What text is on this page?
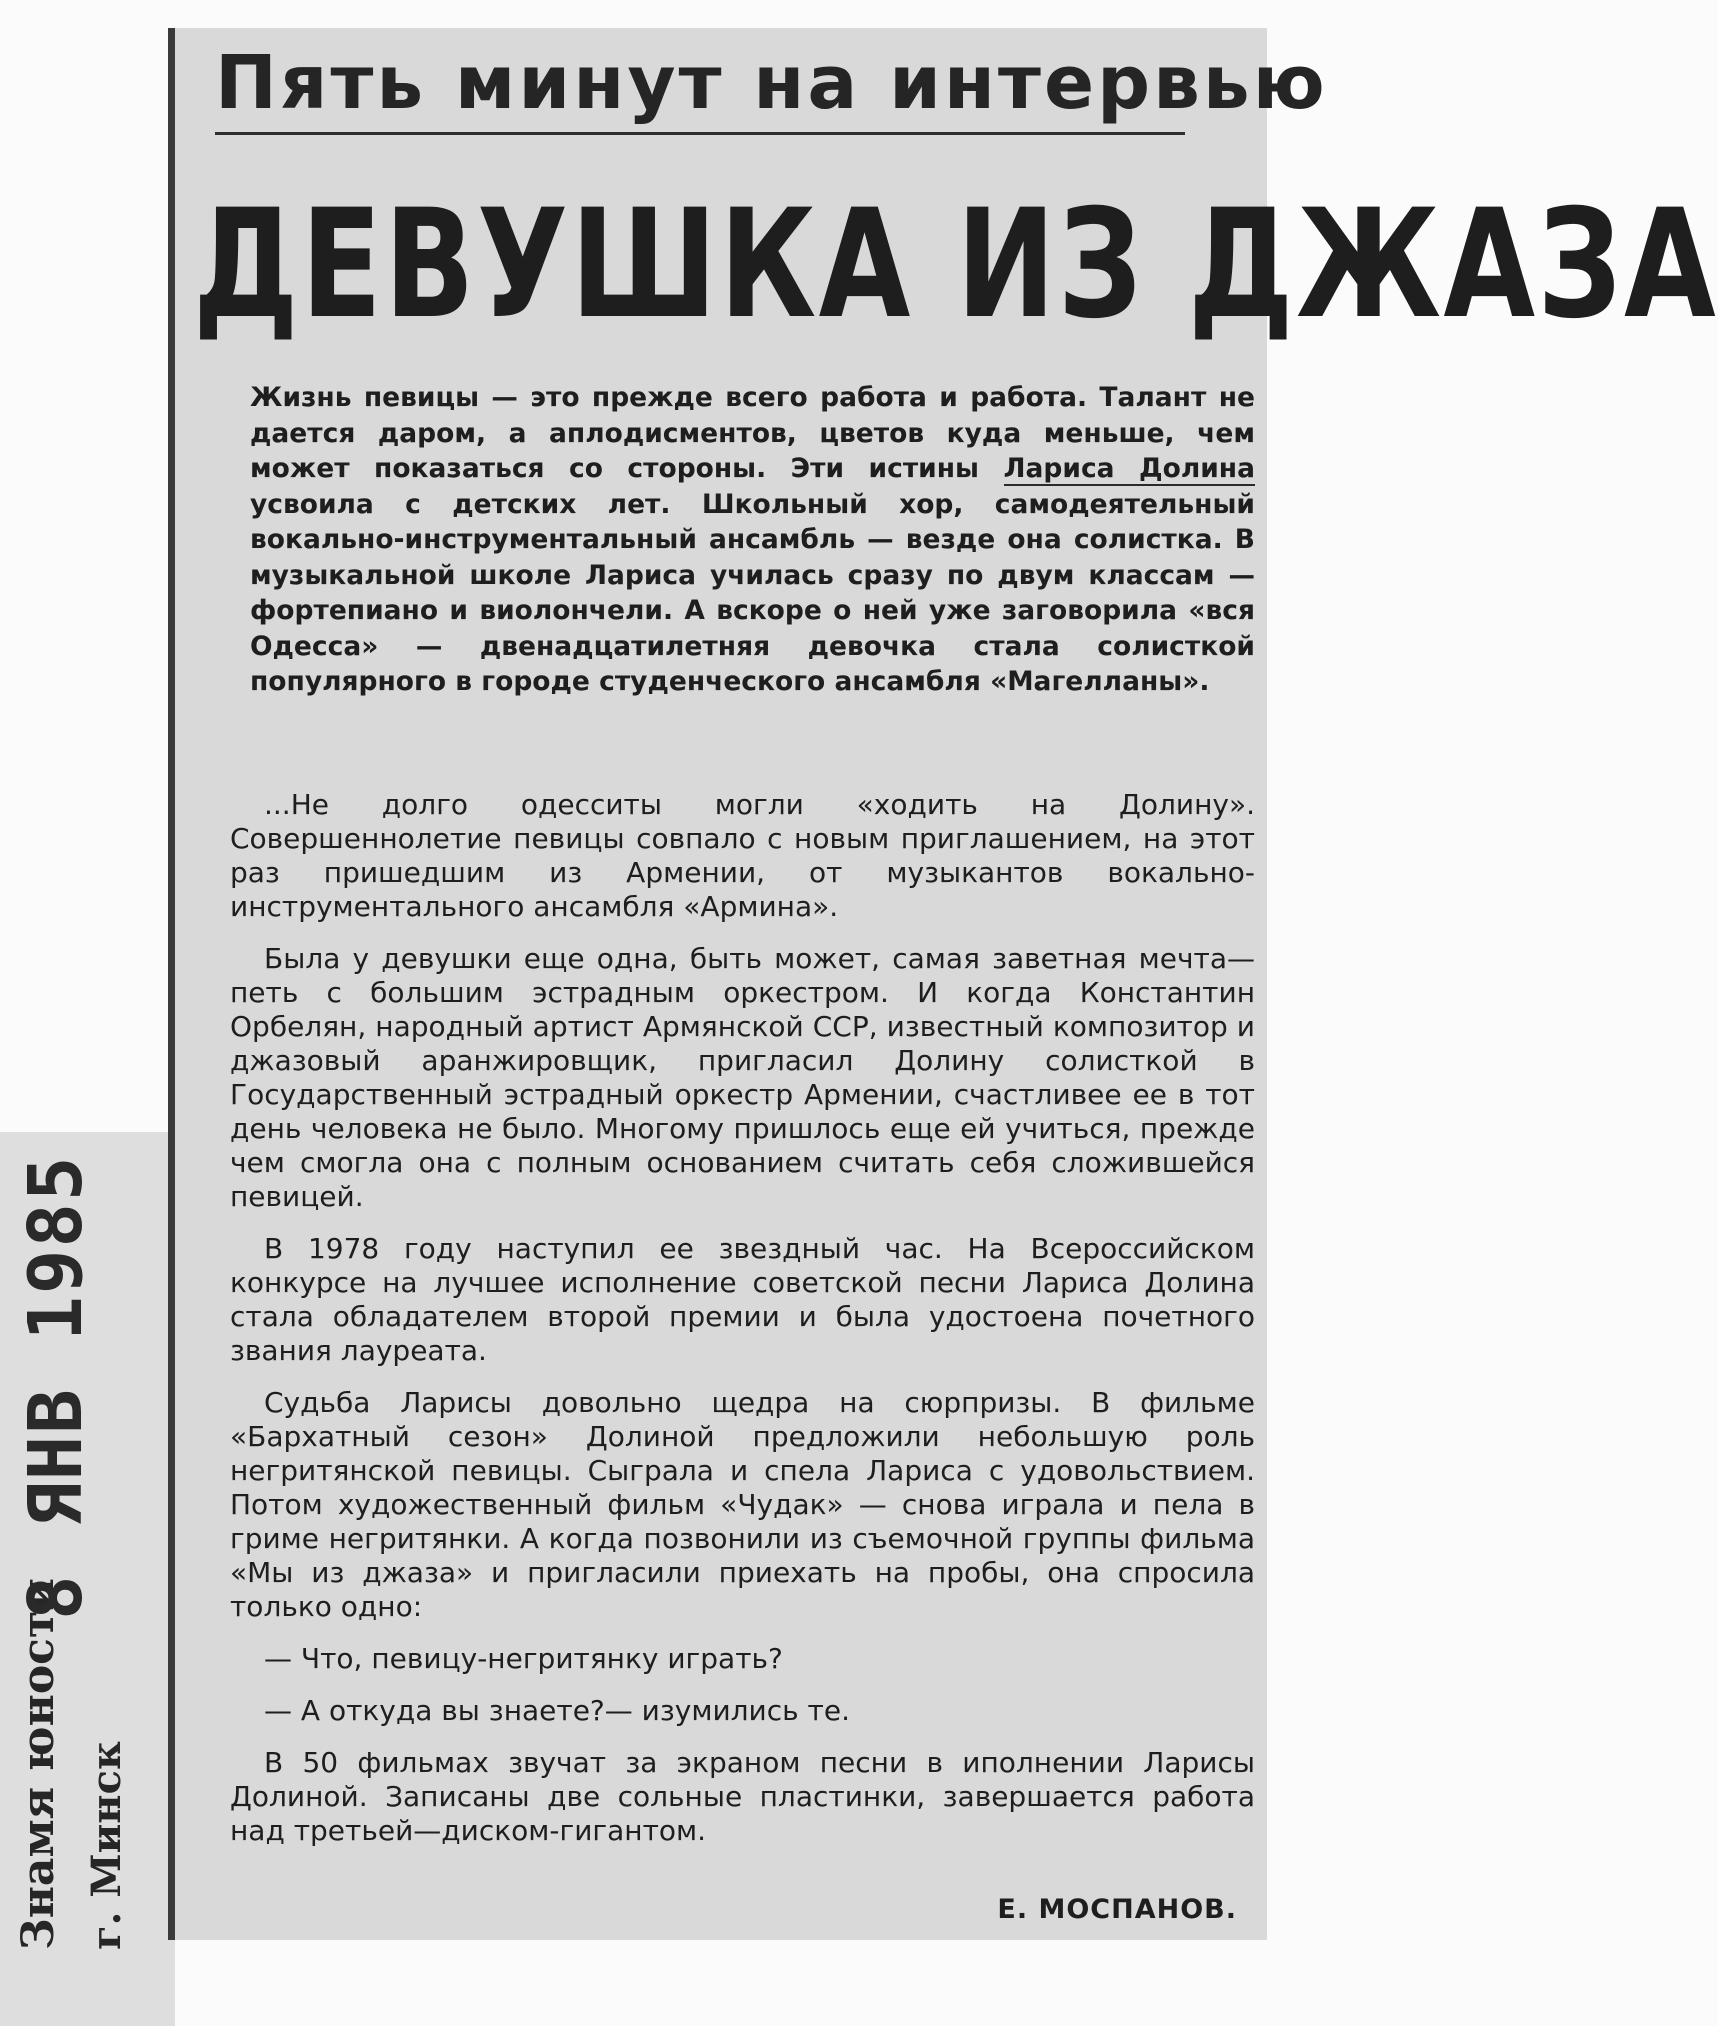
Знамя юности г. Минск
8 ЯНВ 1985
Пять минут на интервью
ДЕВУШКА ИЗ ДЖАЗА
Жизнь певицы — это прежде всего работа и работа. Талант не дается даром, а аплодисментов, цветов куда меньше, чем может показаться со стороны. Эти истины Лариса Долина усвоила с детских лет. Школьный хор, самодеятельный вокально-инструментальный ансамбль — везде она солистка. В музыкальной школе Лариса училась сразу по двум классам — фортепиано и виолончели. А вскоре о ней уже заговорила «вся Одесса» — двенадцатилетняя девочка стала солисткой популярного в городе студенческого ансамбля «Магелланы».

...Не долго одесситы могли «ходить на Долину». Совершеннолетие певицы совпало с новым приглашением, на этот раз пришедшим из Армении, от музыкантов вокально-инструментального ансамбля «Армина».

Была у девушки еще одна, быть может, самая заветная мечта—петь с большим эстрадным оркестром. И когда Константин Орбелян, народный артист Армянской ССР, известный композитор и джазовый аранжировщик, пригласил Долину солисткой в Государственный эстрадный оркестр Армении, счастливее ее в тот день человека не было. Многому пришлось еще ей учиться, прежде чем смогла она с полным основанием считать себя сложившейся певицей.

В 1978 году наступил ее звездный час. На Всероссийском конкурсе на лучшее исполнение советской песни Лариса Долина стала обладателем второй премии и была удостоена почетного звания лауреата.

Судьба Ларисы довольно щедра на сюрпризы. В фильме «Бархатный сезон» Долиной предложили небольшую роль негритянской певицы. Сыграла и спела Лариса с удовольствием. Потом художественный фильм «Чудак» — снова играла и пела в гриме негритянки. А когда позвонили из съемочной группы фильма «Мы из джаза» и пригласили приехать на пробы, она спросила только одно:

— Что, певицу-негритянку играть?

— А откуда вы знаете?— изумились те.

В 50 фильмах звучат за экраном песни в иполнении Ларисы Долиной. Записаны две сольные пластинки, завершается работа над третьей—диском-гигантом.

Е. МОСПАНОВ.
